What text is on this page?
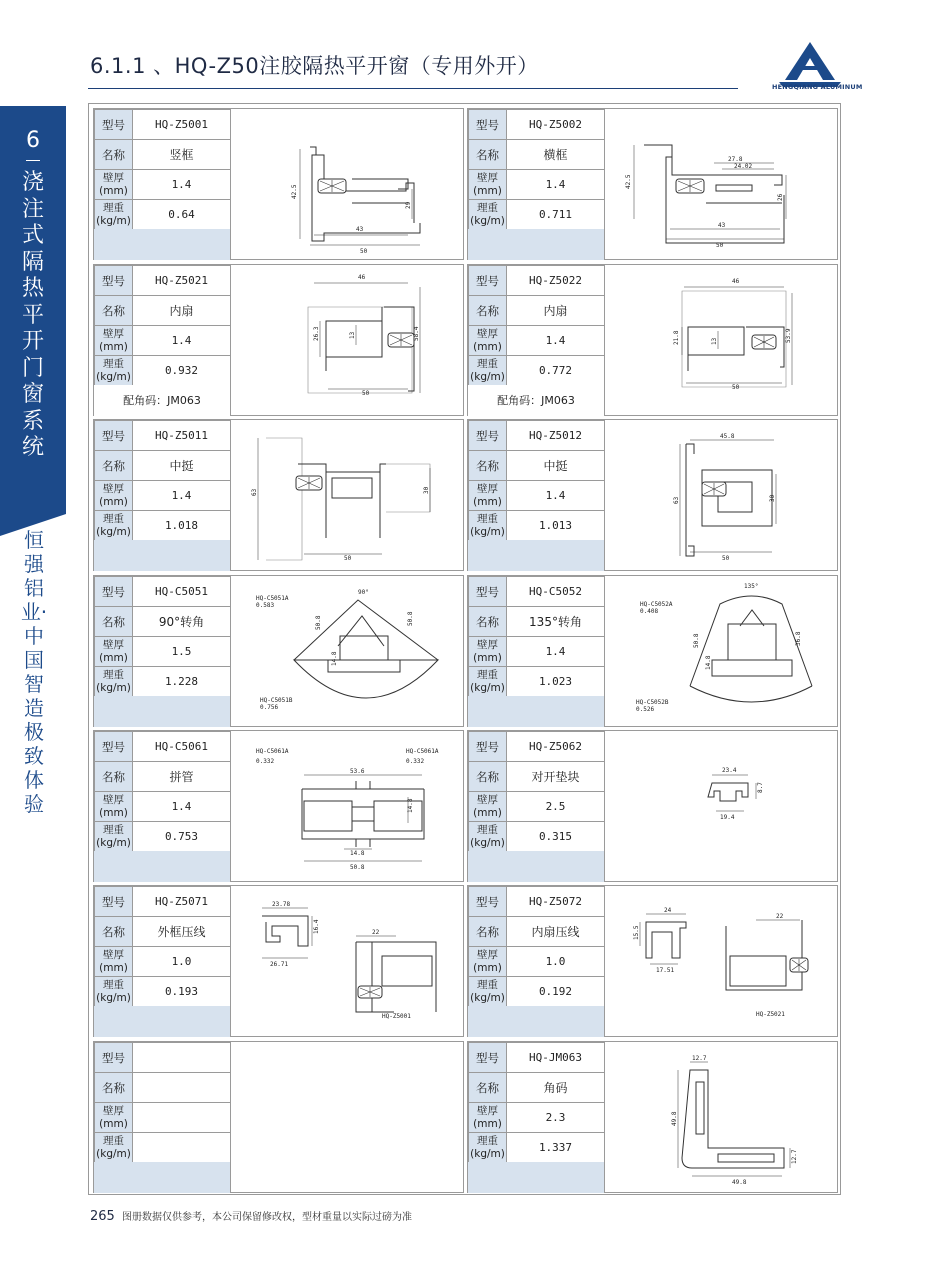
6.1.1 、HQ-Z50注胶隔热平开窗（专用外开）
HENGQIANG ALUMINUM
6
浇注式隔热平开门窗系统
恒强铝业·中国智造 极致体验
型号	HQ-Z5001
名称	竖框
壁厚(mm)	1.4
理重(kg/m)	0.64
42.5
29
43
50
型号	HQ-Z5002
名称	横框
壁厚(mm)	1.4
理重(kg/m)	0.711
27.8
24.02
42.5
26
43
50
型号	HQ-Z5021
名称	内扇
壁厚(mm)	1.4
理重(kg/m)	0.932
配角码：JM063
46
26.3	13	58.4
50
型号	HQ-Z5022
名称	内扇
壁厚(mm)	1.4
理重(kg/m)	0.772
配角码：JM063
46
21.8	13	53.9
50
型号	HQ-Z5011
名称	中挺
壁厚(mm)	1.4
理重(kg/m)	1.018
63	30
50
型号	HQ-Z5012
名称	中挺
壁厚(mm)	1.4
理重(kg/m)	1.013
45.8
63	30
50
型号	HQ-C5051
名称	90°转角
壁厚(mm)	1.5
理重(kg/m)	1.228
HQ-C5051A
0.583
HQ-C5051B
0.756
90°
50.8	50.8
14.8
型号	HQ-C5052
名称	135°转角
壁厚(mm)	1.4
理重(kg/m)	1.023
HQ-C5052A
0.408
HQ-C5052B
0.526
135°
50.8	36.8
14.8
型号	HQ-C5061
名称	拼管
壁厚(mm)	1.4
理重(kg/m)	0.753
HQ-C5061A
0.332
HQ-C5061A
0.332
53.6
14.8
14.8
50.8
型号	HQ-Z5062
名称	对开垫块
壁厚(mm)	2.5
理重(kg/m)	0.315
23.4
8.7
19.4
型号	HQ-Z5071
名称	外框压线
壁厚(mm)	1.0
理重(kg/m)	0.193
23.78
16.4
26.71
22
HQ-Z5001
型号	HQ-Z5072
名称	内扇压线
壁厚(mm)	1.0
理重(kg/m)	0.192
24
15.5
17.51
22
HQ-Z5021
型号	
名称	
壁厚(mm)	
理重(kg/m)	
型号	HQ-JM063
名称	角码
壁厚(mm)	2.3
理重(kg/m)	1.337
12.7
49.8
12.7
49.8
265 图册数据仅供参考，本公司保留修改权，型材重量以实际过磅为准
